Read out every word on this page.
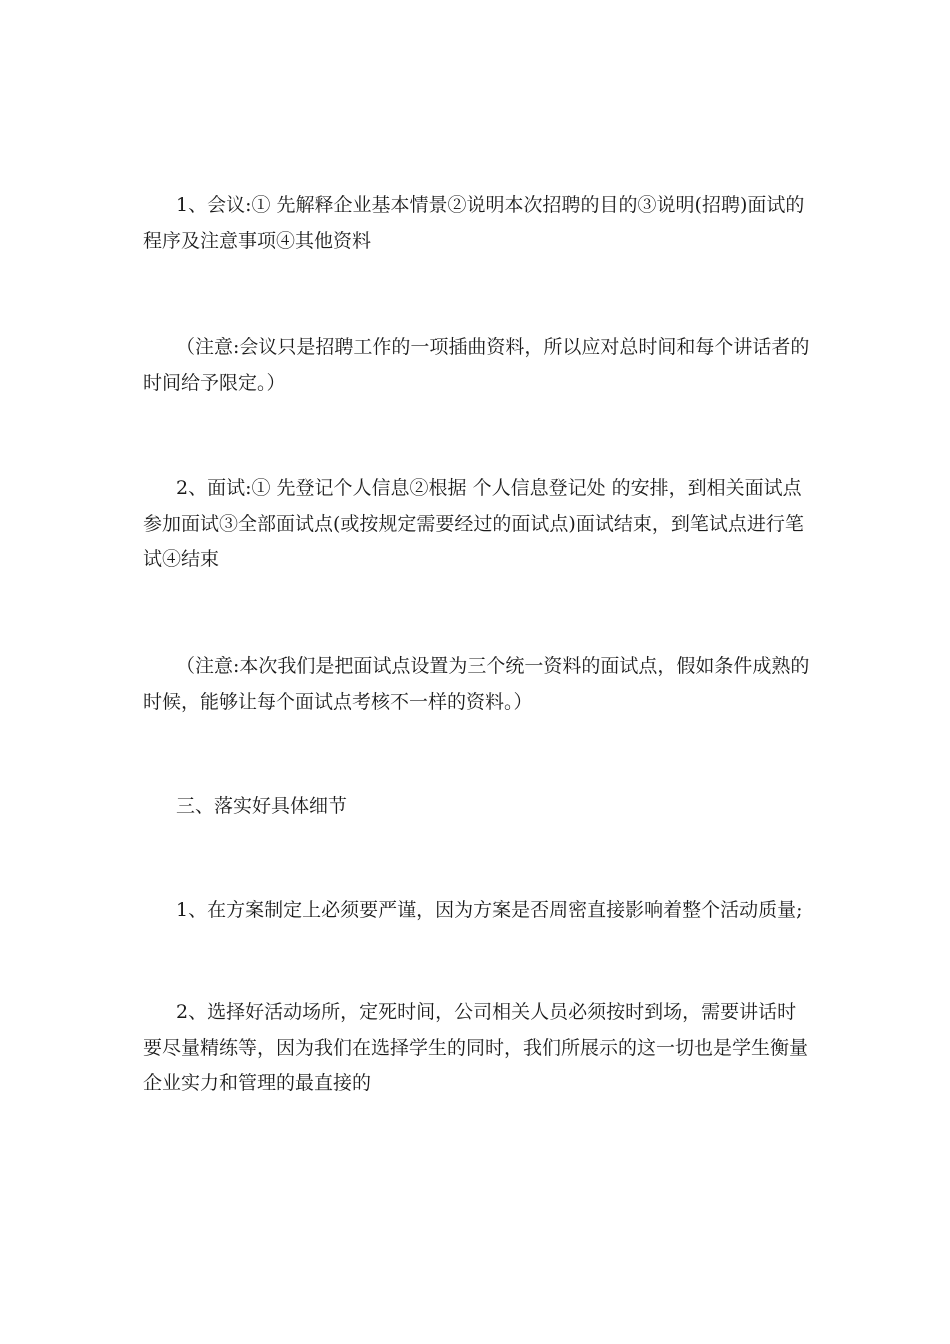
1、会议:① 先解释企业基本情景②说明本次招聘的目的③说明(招聘)面试的程序及注意事项④其他资料

（注意:会议只是招聘工作的一项插曲资料，所以应对总时间和每个讲话者的时间给予限定。）

2、面试:① 先登记个人信息②根据 个人信息登记处 的安排，到相关面试点参加面试③全部面试点(或按规定需要经过的面试点)面试结束，到笔试点进行笔试④结束

（注意:本次我们是把面试点设置为三个统一资料的面试点，假如条件成熟的时候，能够让每个面试点考核不一样的资料。）

三、落实好具体细节

1、在方案制定上必须要严谨，因为方案是否周密直接影响着整个活动质量;

2、选择好活动场所，定死时间，公司相关人员必须按时到场，需要讲话时要尽量精练等，因为我们在选择学生的同时，我们所展示的这一切也是学生衡量企业实力和管理的最直接的
